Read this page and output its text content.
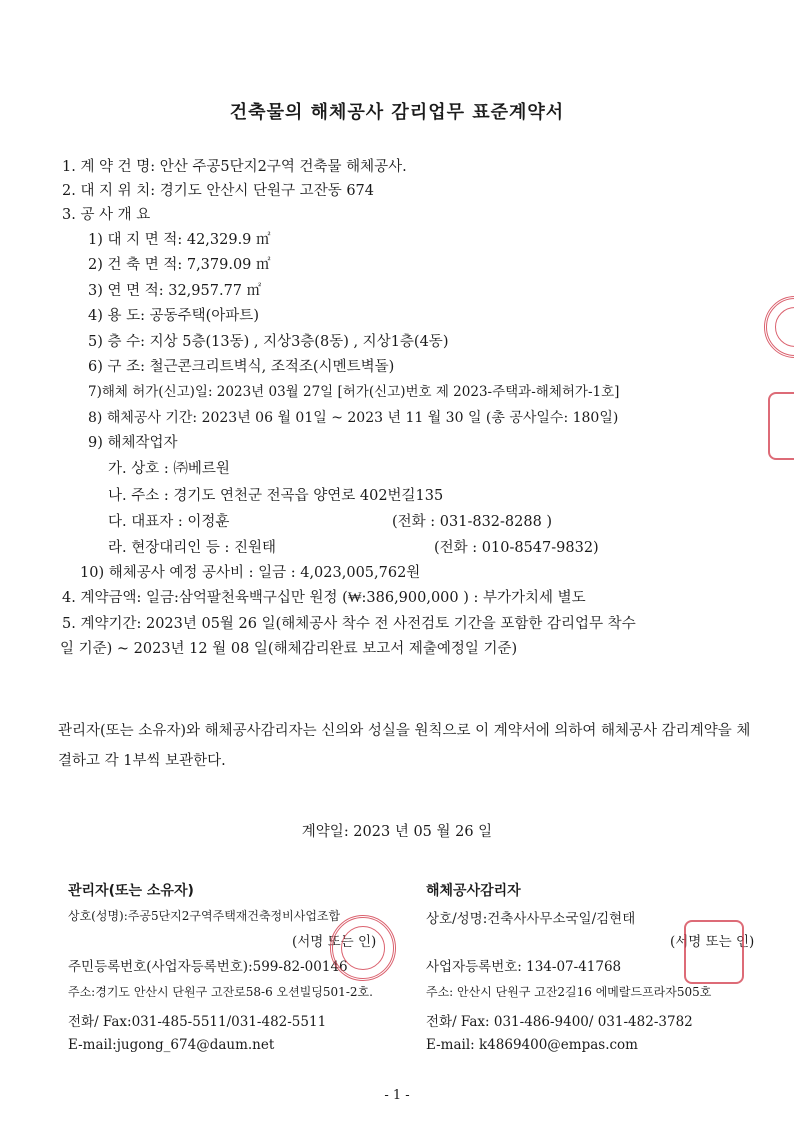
건축물의 해체공사 감리업무 표준계약서
1. 계 약 건 명: 안산 주공5단지2구역 건축물 해체공사.
2. 대 지 위 치: 경기도 안산시 단원구 고잔동 674
3. 공 사 개 요
1) 대 지 면 적: 42,329.9 ㎡
2) 건 축 면 적: 7,379.09 ㎡
3) 연 면 적: 32,957.77 ㎡
4) 용 도: 공동주택(아파트)
5) 층 수: 지상 5층(13동) , 지상3층(8동) , 지상1층(4동)
6) 구 조: 철근콘크리트벽식, 조적조(시멘트벽돌)
7)해체 허가(신고)일: 2023년 03월 27일 [허가(신고)번호 제 2023-주택과-해체허가-1호]
8) 해체공사 기간: 2023년 06 월 01일 ~ 2023 년 11 월 30 일 (총 공사일수: 180일)
9) 해체작업자
가. 상호 : ㈜베르원
나. 주소 : 경기도 연천군 전곡읍 양연로 402번길135
다. 대표자 : 이정훈	(전화 : 031-832-8288 )
라. 현장대리인 등 : 진원태	(전화 : 010-8547-9832)
10) 해체공사 예정 공사비 : 일금 : 4,023,005,762원
4. 계약금액: 일금:삼억팔천육백구십만 원정 (₩:386,900,000 ) : 부가가치세 별도
5. 계약기간: 2023년 05월 26 일(해체공사 착수 전 사전검토 기간을 포함한 감리업무 착수
일 기준) ~ 2023년 12 월 08 일(해체감리완료 보고서 제출예정일 기준)
관리자(또는 소유자)와 해체공사감리자는 신의와 성실을 원칙으로 이 계약서에 의하여 해체공사 감리계약을 체결하고 각 1부씩 보관한다.
계약일: 2023 년 05 월 26 일
관리자(또는 소유자)
상호(성명):주공5단지2구역주택재건축정비사업조합
(서명 또는 인)
주민등록번호(사업자등록번호):599-82-00146
주소:경기도 안산시 단원구 고잔로58-6 오션빌딩501-2호.
전화/ Fax:031-485-5511/031-482-5511
E-mail:jugong_674@daum.net
해체공사감리자
상호/성명:건축사사무소국일/김현태
(서명 또는 인)
사업자등록번호: 134-07-41768
주소: 안산시 단원구 고잔2길16 에메랄드프라자505호
전화/ Fax: 031-486-9400/ 031-482-3782
E-mail: k4869400@empas.com
- 1 -
